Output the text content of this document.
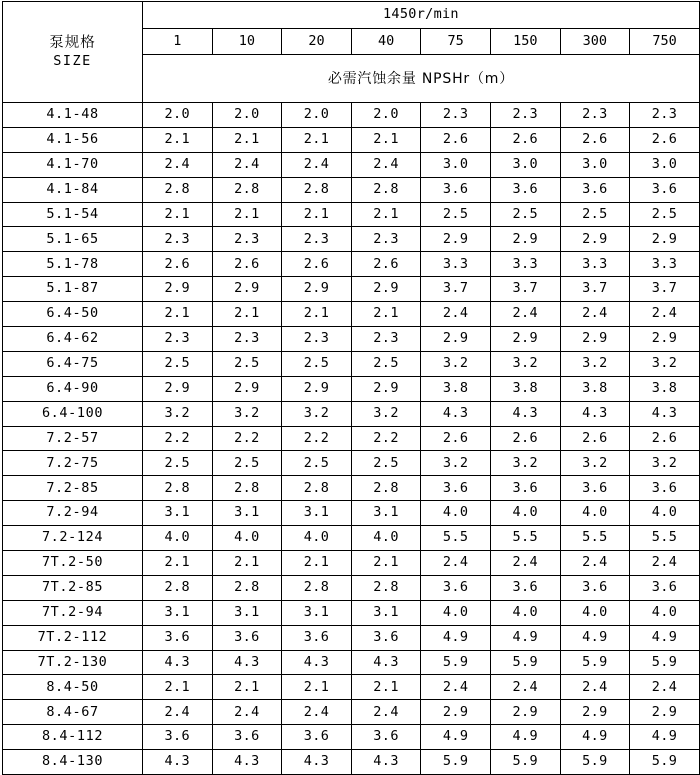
泵规格
SIZE	1450r/min							
	1	10	20	40	75	150	300	750
	必需汽蚀余量 NPSHr（m）							
4.1-48	2.0	2.0	2.0	2.0	2.3	2.3	2.3	2.3
4.1-56	2.1	2.1	2.1	2.1	2.6	2.6	2.6	2.6
4.1-70	2.4	2.4	2.4	2.4	3.0	3.0	3.0	3.0
4.1-84	2.8	2.8	2.8	2.8	3.6	3.6	3.6	3.6
5.1-54	2.1	2.1	2.1	2.1	2.5	2.5	2.5	2.5
5.1-65	2.3	2.3	2.3	2.3	2.9	2.9	2.9	2.9
5.1-78	2.6	2.6	2.6	2.6	3.3	3.3	3.3	3.3
5.1-87	2.9	2.9	2.9	2.9	3.7	3.7	3.7	3.7
6.4-50	2.1	2.1	2.1	2.1	2.4	2.4	2.4	2.4
6.4-62	2.3	2.3	2.3	2.3	2.9	2.9	2.9	2.9
6.4-75	2.5	2.5	2.5	2.5	3.2	3.2	3.2	3.2
6.4-90	2.9	2.9	2.9	2.9	3.8	3.8	3.8	3.8
6.4-100	3.2	3.2	3.2	3.2	4.3	4.3	4.3	4.3
7.2-57	2.2	2.2	2.2	2.2	2.6	2.6	2.6	2.6
7.2-75	2.5	2.5	2.5	2.5	3.2	3.2	3.2	3.2
7.2-85	2.8	2.8	2.8	2.8	3.6	3.6	3.6	3.6
7.2-94	3.1	3.1	3.1	3.1	4.0	4.0	4.0	4.0
7.2-124	4.0	4.0	4.0	4.0	5.5	5.5	5.5	5.5
7T.2-50	2.1	2.1	2.1	2.1	2.4	2.4	2.4	2.4
7T.2-85	2.8	2.8	2.8	2.8	3.6	3.6	3.6	3.6
7T.2-94	3.1	3.1	3.1	3.1	4.0	4.0	4.0	4.0
7T.2-112	3.6	3.6	3.6	3.6	4.9	4.9	4.9	4.9
7T.2-130	4.3	4.3	4.3	4.3	5.9	5.9	5.9	5.9
8.4-50	2.1	2.1	2.1	2.1	2.4	2.4	2.4	2.4
8.4-67	2.4	2.4	2.4	2.4	2.9	2.9	2.9	2.9
8.4-112	3.6	3.6	3.6	3.6	4.9	4.9	4.9	4.9
8.4-130	4.3	4.3	4.3	4.3	5.9	5.9	5.9	5.9
